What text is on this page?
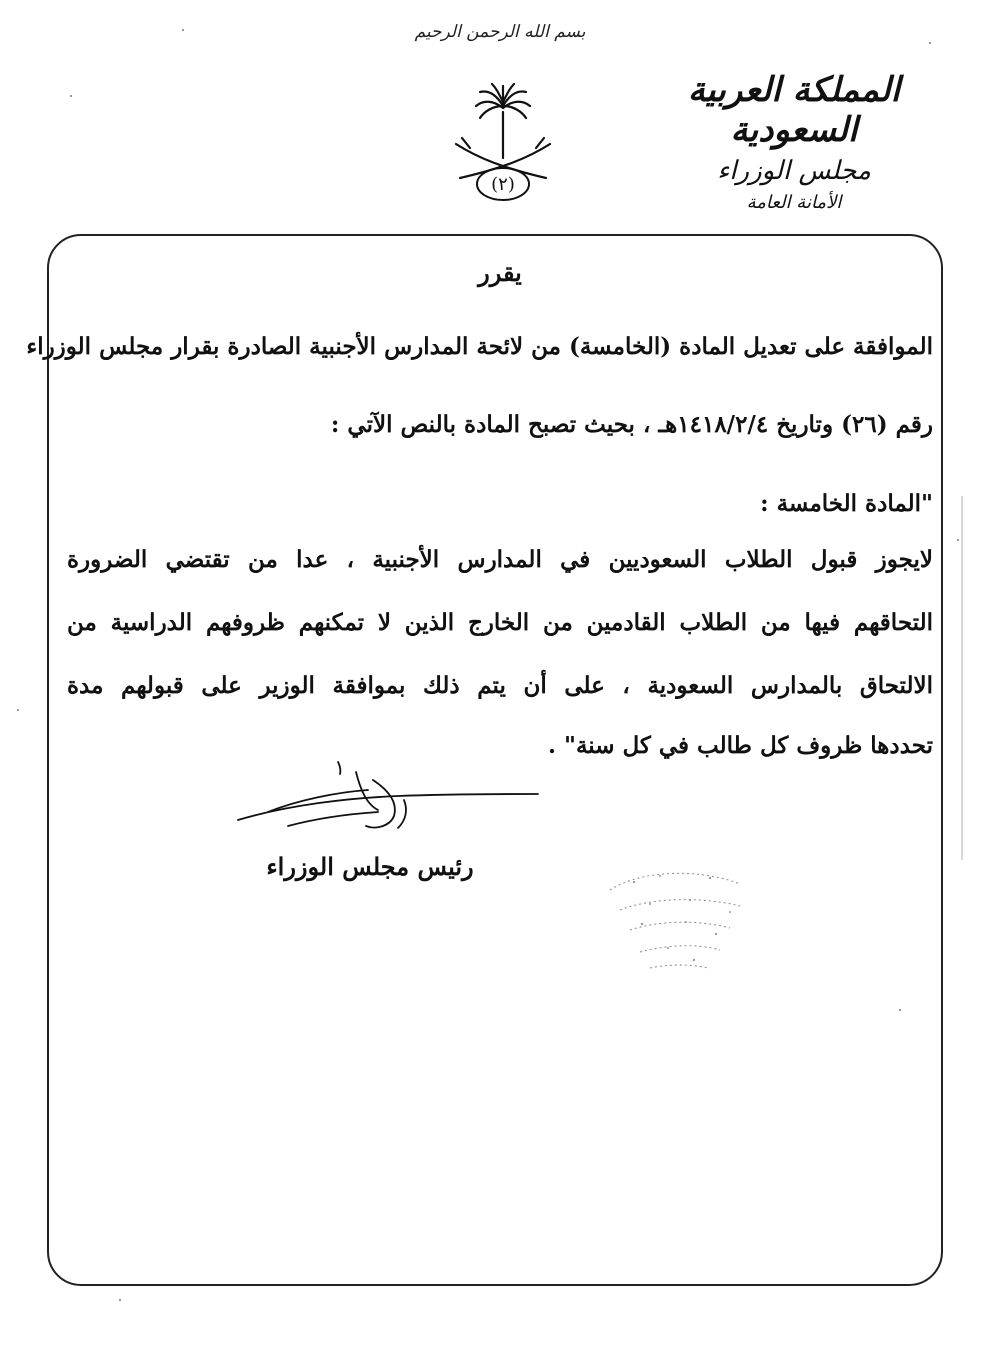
بسم الله الرحمن الرحيم
(٢)
المملكة العربية السعودية
مجلس الوزراء
الأمانة العامة
يقرر
الموافقة على تعديل المادة (الخامسة) من لائحة المدارس الأجنبية الصادرة بقرار مجلس الوزراء
رقم (٢٦) وتاريخ ١٤١٨/٢/٤هـ ، بحيث تصبح المادة بالنص الآتي :
"المادة الخامسة :
لايجوز قبول الطلاب السعوديين في المدارس الأجنبية ، عدا من تقتضي الضرورة
التحاقهم فيها من الطلاب القادمين من الخارج الذين لا تمكنهم ظروفهم الدراسية من
الالتحاق بالمدارس السعودية ، على أن يتم ذلك بموافقة الوزير على قبولهم مدة
تحددها ظروف كل طالب في كل سنة" .
رئيس مجلس الوزراء
